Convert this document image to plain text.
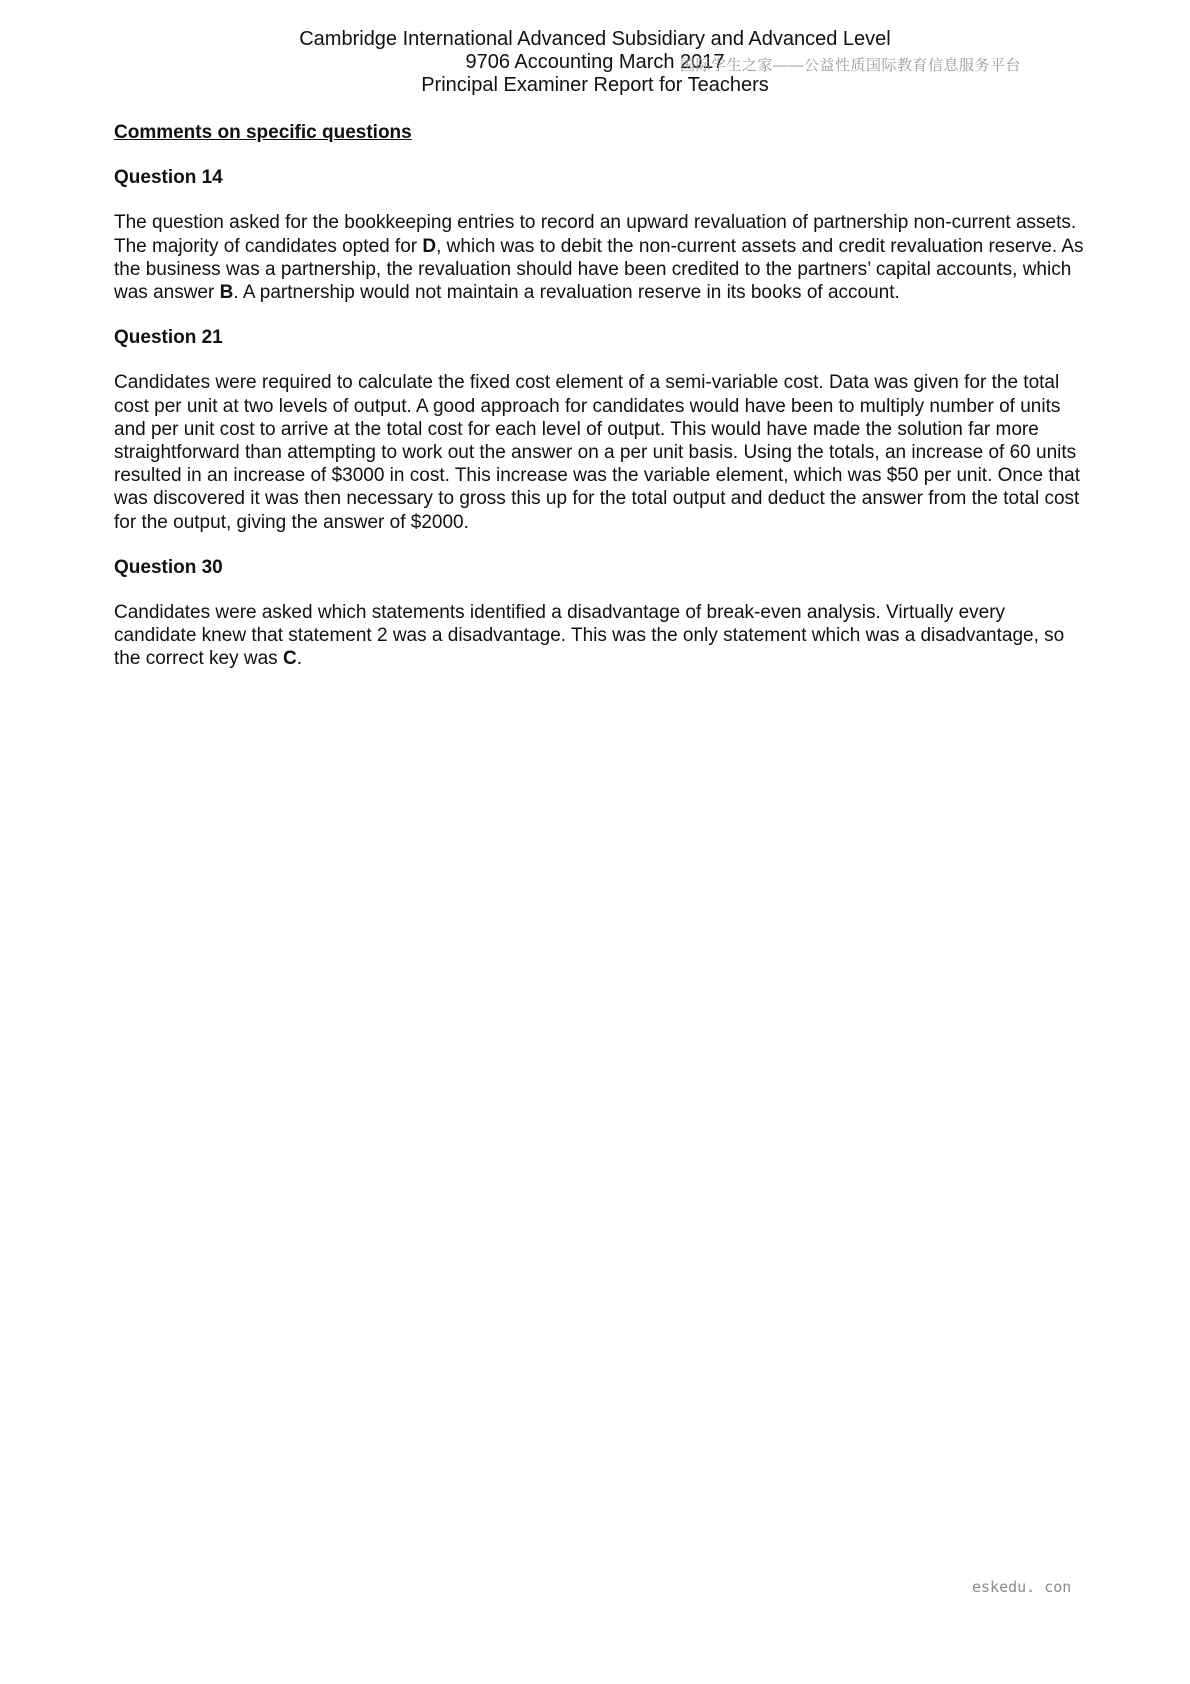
Cambridge International Advanced Subsidiary and Advanced Level
9706 Accounting March 2017
Principal Examiner Report for Teachers
国际学生之家——公益性质国际教育信息服务平台
Comments on specific questions
Question 14
The question asked for the bookkeeping entries to record an upward revaluation of partnership non-current assets. The majority of candidates opted for D, which was to debit the non-current assets and credit revaluation reserve. As the business was a partnership, the revaluation should have been credited to the partners’ capital accounts, which was answer B. A partnership would not maintain a revaluation reserve in its books of account.
Question 21
Candidates were required to calculate the fixed cost element of a semi-variable cost. Data was given for the total cost per unit at two levels of output. A good approach for candidates would have been to multiply number of units and per unit cost to arrive at the total cost for each level of output. This would have made the solution far more straightforward than attempting to work out the answer on a per unit basis. Using the totals, an increase of 60 units resulted in an increase of $3000 in cost. This increase was the variable element, which was $50 per unit. Once that was discovered it was then necessary to gross this up for the total output and deduct the answer from the total cost for the output, giving the answer of $2000.
Question 30
Candidates were asked which statements identified a disadvantage of break-even analysis. Virtually every candidate knew that statement 2 was a disadvantage. This was the only statement which was a disadvantage, so the correct key was C.
eskedu. con
